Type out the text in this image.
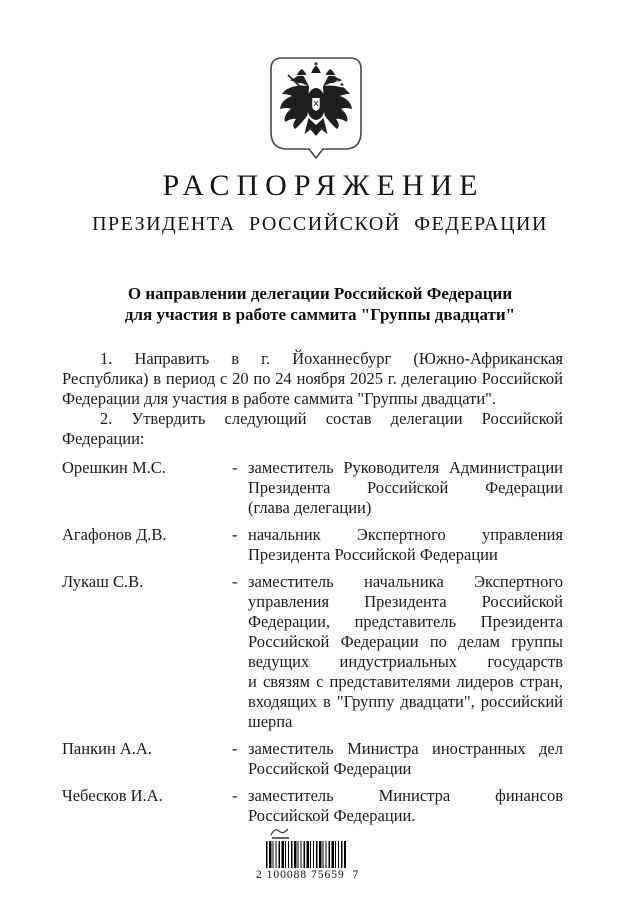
РАСПОРЯЖЕНИЕ
ПРЕЗИДЕНТА РОССИЙСКОЙ ФЕДЕРАЦИИ
О направлении делегации Российской Федерации
для участия в работе саммита "Группы двадцати"
1. Направить в г. Йоханнесбург (Южно-Африканская
Республика) в период с 20 по 24 ноября 2025 г. делегацию Российской
Федерации для участия в работе саммита "Группы двадцати".
2. Утвердить следующий состав делегации Российской
Федерации:
Орешкин М.С.	- заместитель Руководителя Администрации
Президента Российской Федерации
(глава делегации)
Агафонов Д.В.	- начальник Экспертного управления
Президента Российской Федерации
Лукаш С.В.	- заместитель начальника Экспертного
управления Президента Российской
Федерации, представитель Президента
Российской Федерации по делам группы
ведущих индустриальных государств
и связям с представителями лидеров стран,
входящих в "Группу двадцати", российский
шерпа
Панкин А.А.	- заместитель Министра иностранных дел
Российской Федерации
Чебесков И.А.	- заместитель Министра финансов
Российской Федерации.
2 100088 75659  7
